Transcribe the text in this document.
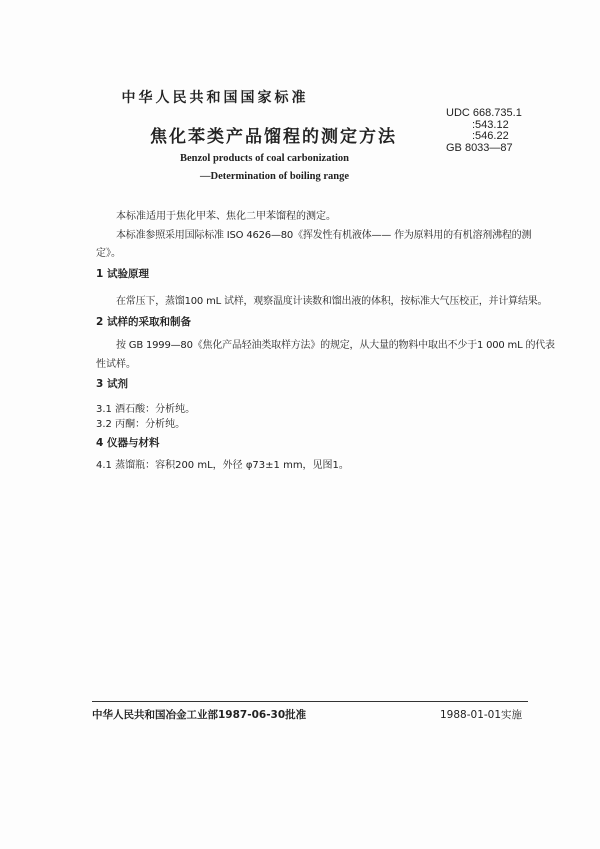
中华人民共和国国家标准
焦化苯类产品馏程的测定方法
UDC 668.735.1
:543.12
:546.22
GB 8033—87
Benzol products of coal carbonization
—Determination of boiling range
本标准适用于焦化甲苯、焦化二甲苯馏程的测定。
本标准参照采用国际标准 ISO 4626—80《挥发性有机液体—— 作为原料用的有机溶剂沸程的测
定》。
1 试验原理
在常压下，蒸馏100 mL 试样，观察温度计读数和馏出液的体积，按标准大气压校正，并计算结果。
2 试样的采取和制备
按 GB 1999—80《焦化产品轻油类取样方法》的规定，从大量的物料中取出不少于1 000 mL 的代表
性试样。
3 试剂
3.1 酒石酸：分析纯。
3.2 丙酮：分析纯。
4 仪器与材料
4.1 蒸馏瓶：容积200 mL，外径 φ73±1 mm，见图1。
中华人民共和国冶金工业部1987-06-30批准	1988-01-01实施
